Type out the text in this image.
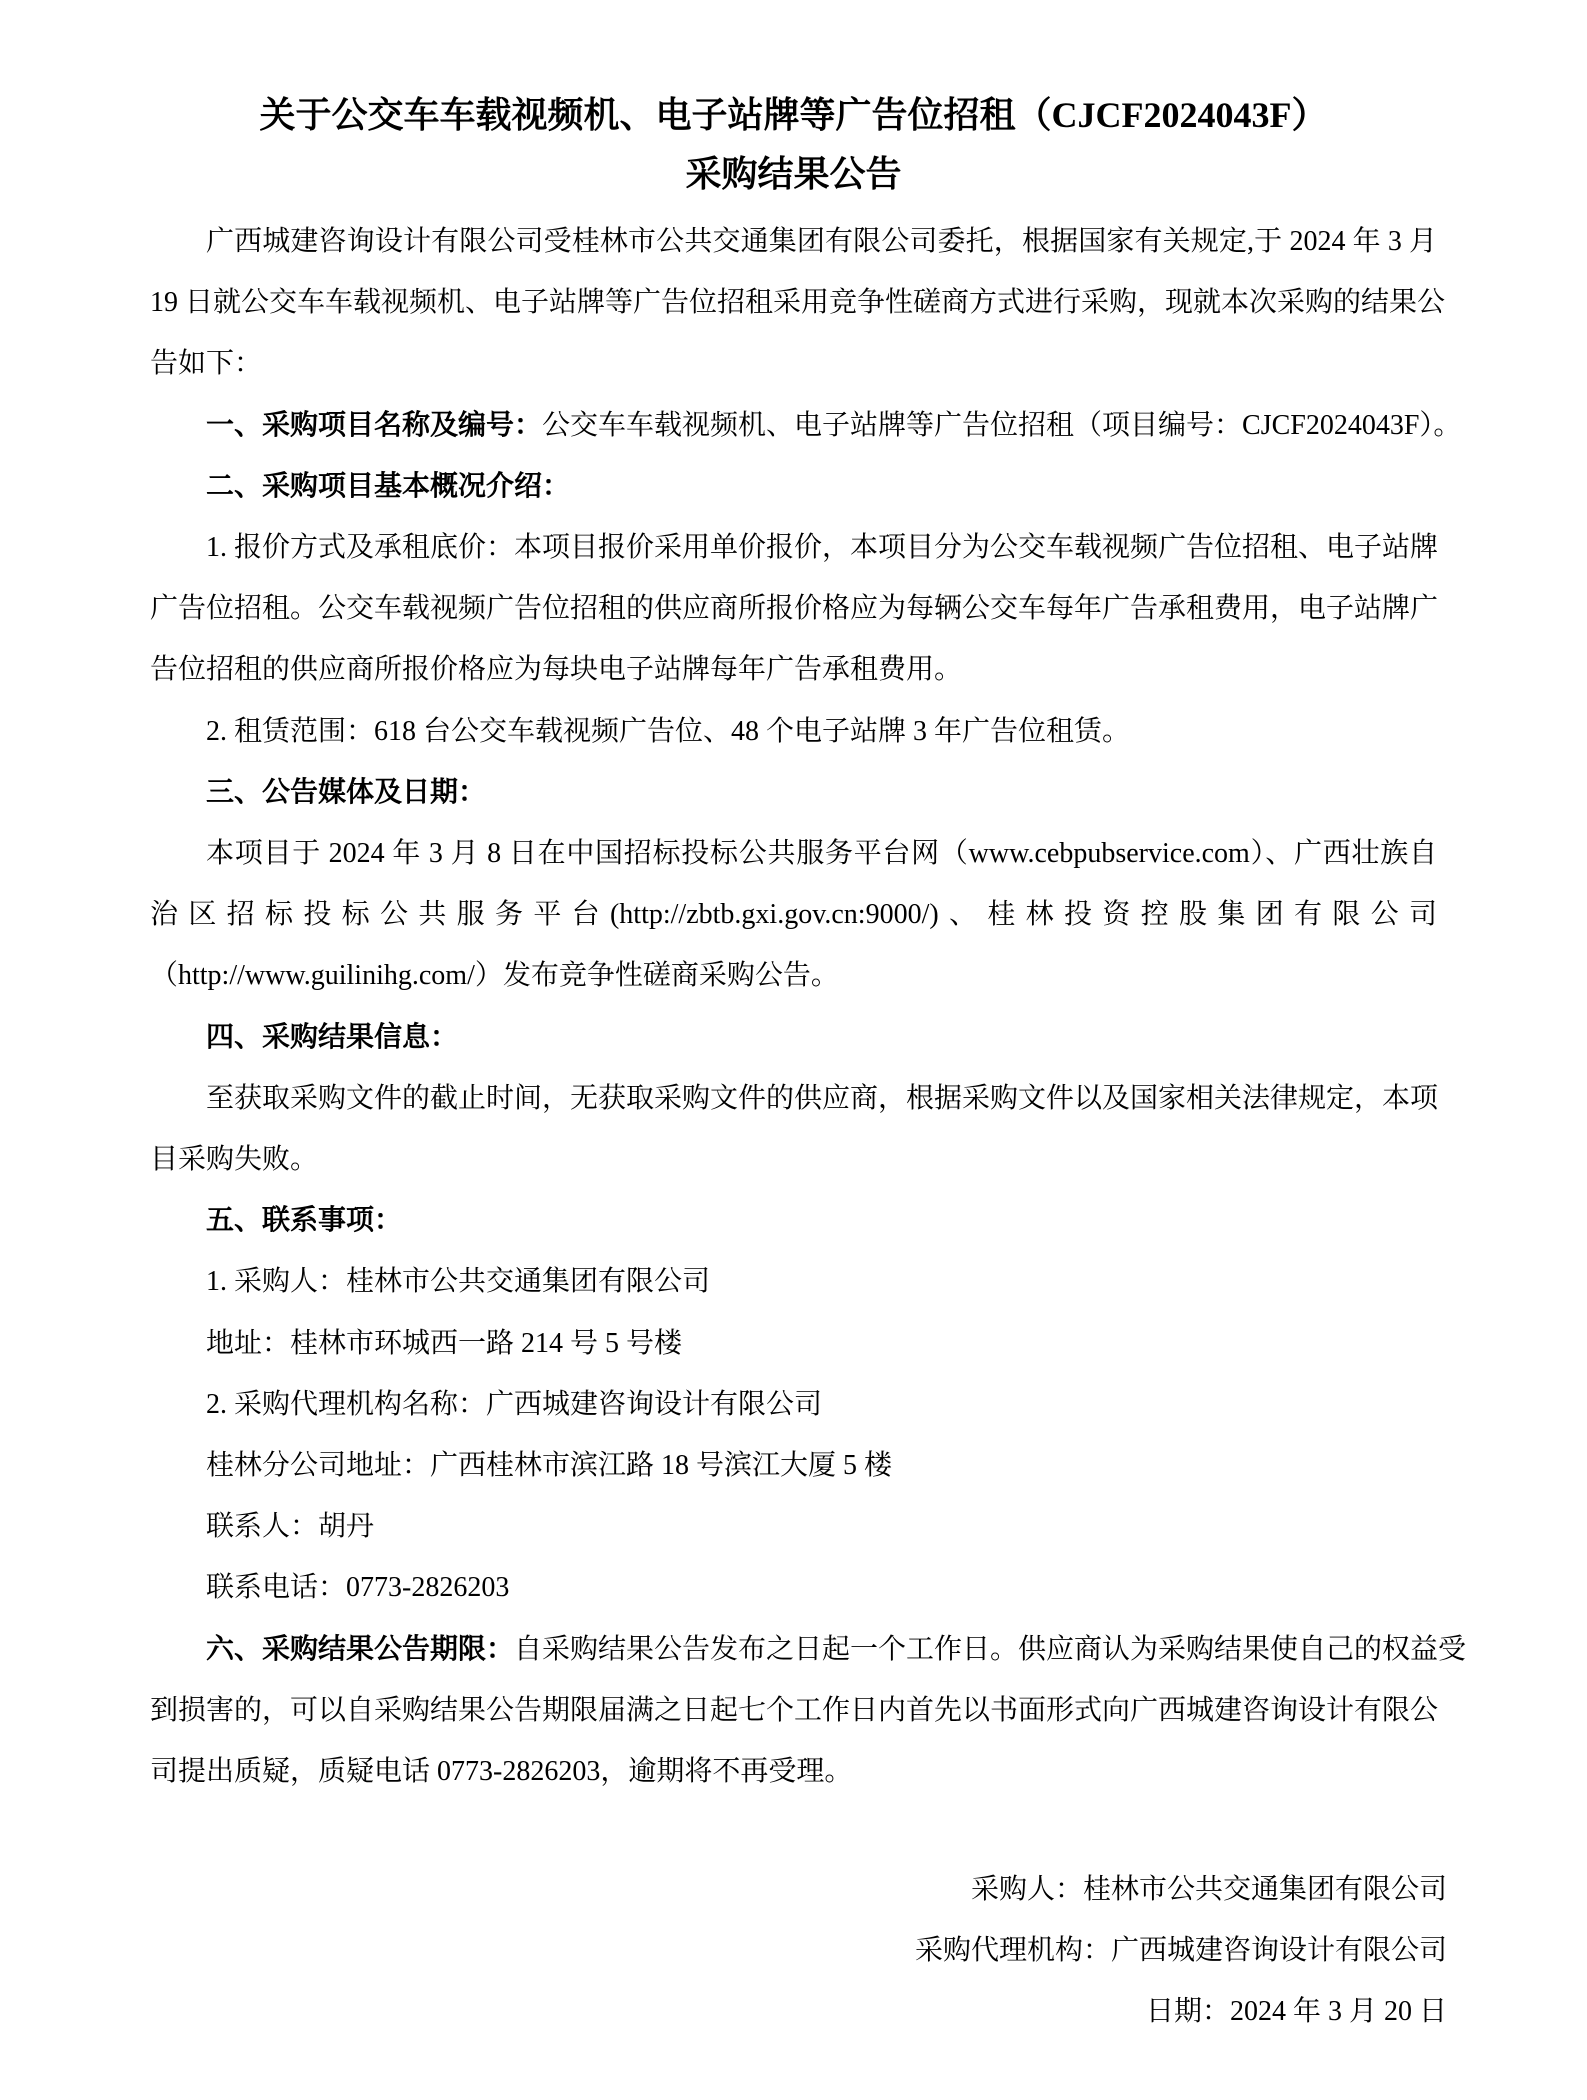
关于公交车车载视频机、电子站牌等广告位招租（CJCF2024043F）
采购结果公告
广西城建咨询设计有限公司受桂林市公共交通集团有限公司委托，根据国家有关规定,于 2024 年 3 月
19 日就公交车车载视频机、电子站牌等广告位招租采用竞争性磋商方式进行采购，现就本次采购的结果公
告如下：
一、采购项目名称及编号：公交车车载视频机、电子站牌等广告位招租（项目编号：CJCF2024043F）。
二、采购项目基本概况介绍：
1. 报价方式及承租底价：本项目报价采用单价报价，本项目分为公交车载视频广告位招租、电子站牌
广告位招租。公交车载视频广告位招租的供应商所报价格应为每辆公交车每年广告承租费用，电子站牌广
告位招租的供应商所报价格应为每块电子站牌每年广告承租费用。
2. 租赁范围：618 台公交车载视频广告位、48 个电子站牌 3 年广告位租赁。
三、公告媒体及日期：
本项目于 2024 年 3 月 8 日在中国招标投标公共服务平台网（www.cebpubservice.com）、广西壮族自
治区招标投标公共服务平台(http://zbtb.gxi.gov.cn:9000/)、桂林投资控股集团有限公司
（http://www.guilinihg.com/）发布竞争性磋商采购公告。
四、采购结果信息：
至获取采购文件的截止时间，无获取采购文件的供应商，根据采购文件以及国家相关法律规定，本项
目采购失败。
五、联系事项：
1. 采购人：桂林市公共交通集团有限公司
地址：桂林市环城西一路 214 号 5 号楼
2. 采购代理机构名称：广西城建咨询设计有限公司
桂林分公司地址：广西桂林市滨江路 18 号滨江大厦 5 楼
联系人：胡丹
联系电话：0773-2826203
六、采购结果公告期限：自采购结果公告发布之日起一个工作日。供应商认为采购结果使自己的权益受
到损害的，可以自采购结果公告期限届满之日起七个工作日内首先以书面形式向广西城建咨询设计有限公
司提出质疑，质疑电话 0773-2826203，逾期将不再受理。
采购人：桂林市公共交通集团有限公司
采购代理机构：广西城建咨询设计有限公司
日期：2024 年 3 月 20 日
